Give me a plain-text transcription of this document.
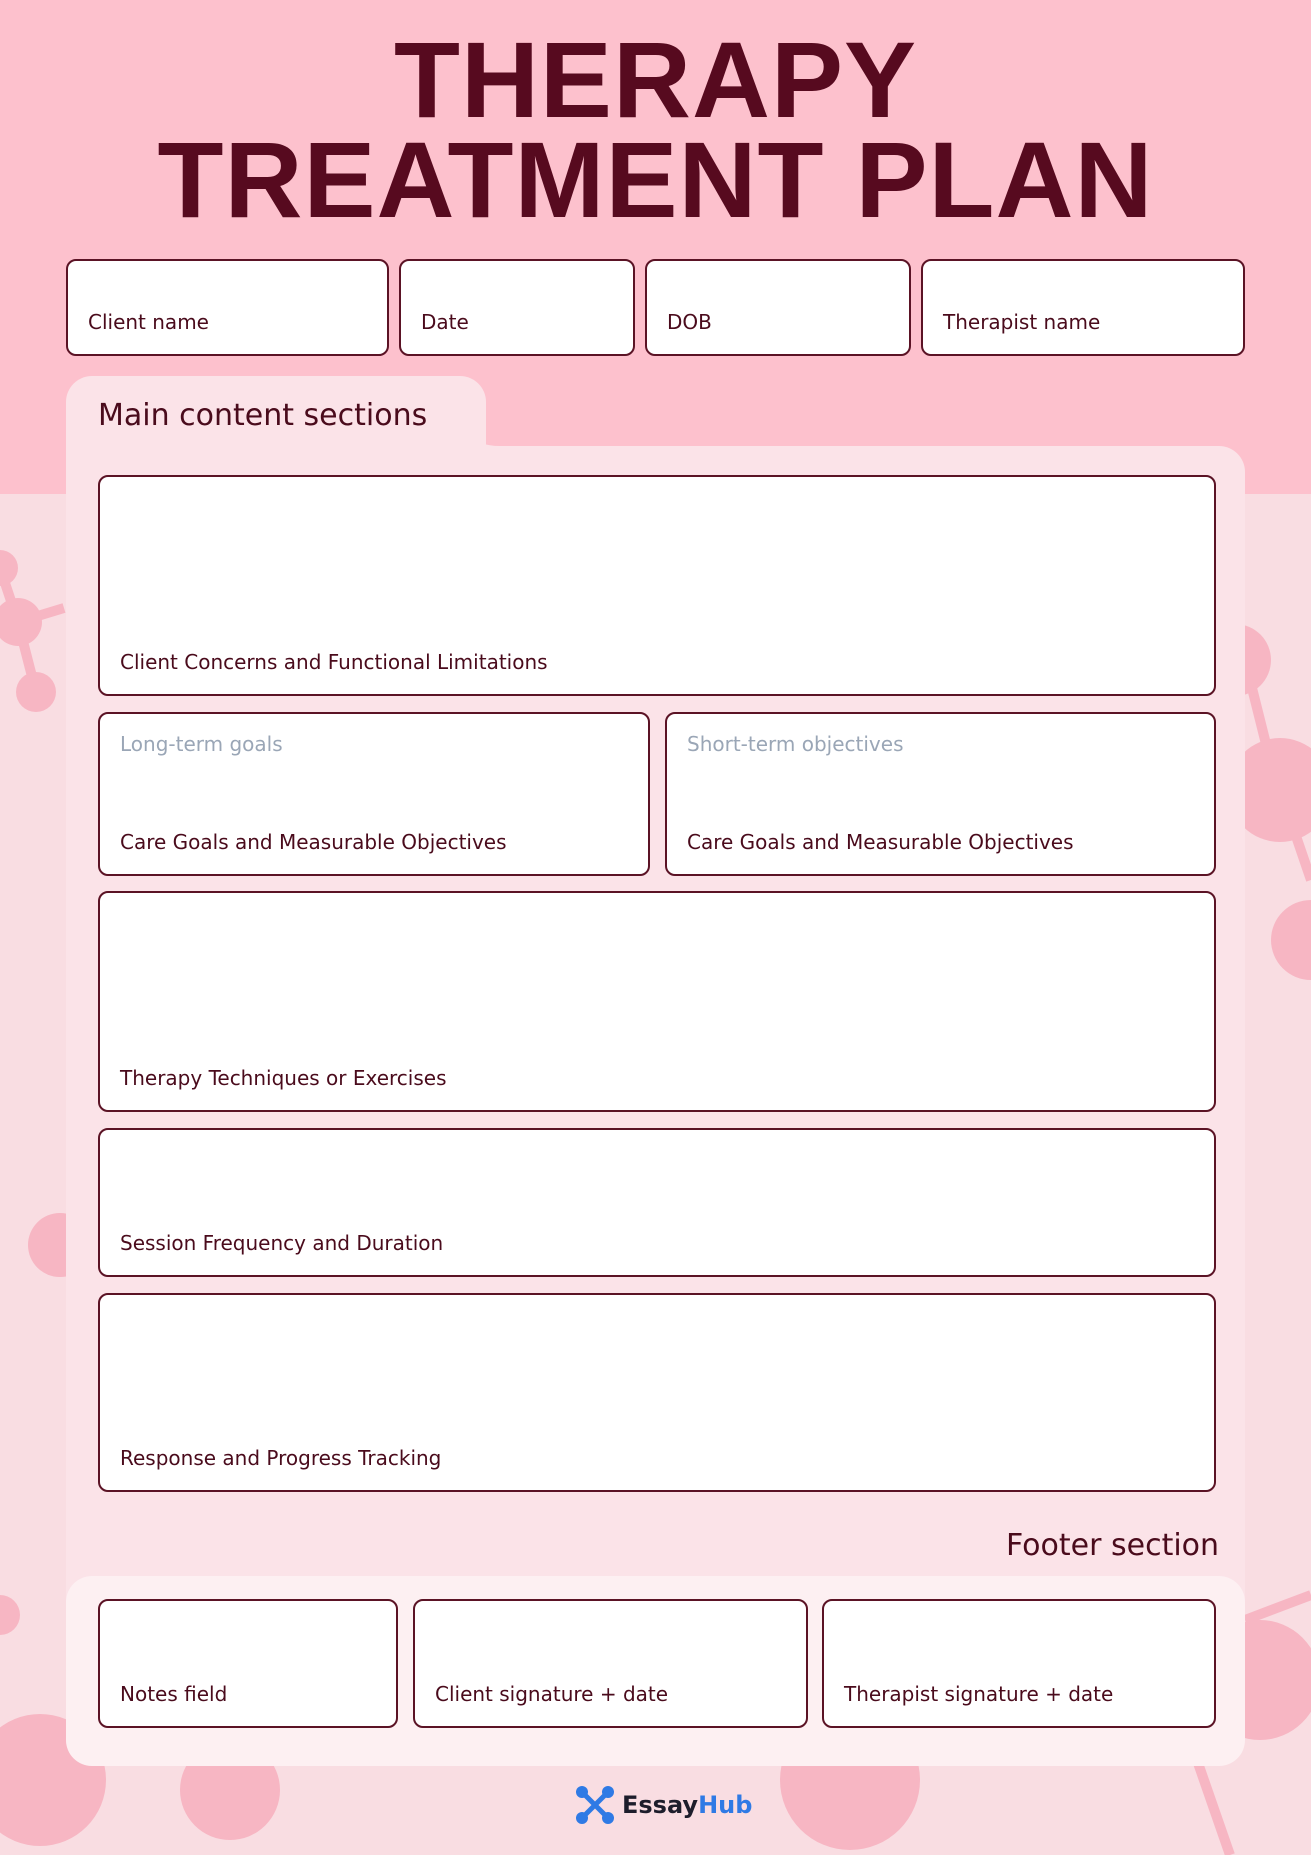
THERAPY
TREATMENT PLAN
Client name	Date	DOB	Therapist name
Main content sections
Client Concerns and Functional Limitations
Long-term goals
Care Goals and Measurable Objectives
Short-term objectives
Care Goals and Measurable Objectives
Therapy Techniques or Exercises
Session Frequency and Duration
Response and Progress Tracking
Footer section
Notes field	Client signature + date	Therapist signature + date
EssayHub
